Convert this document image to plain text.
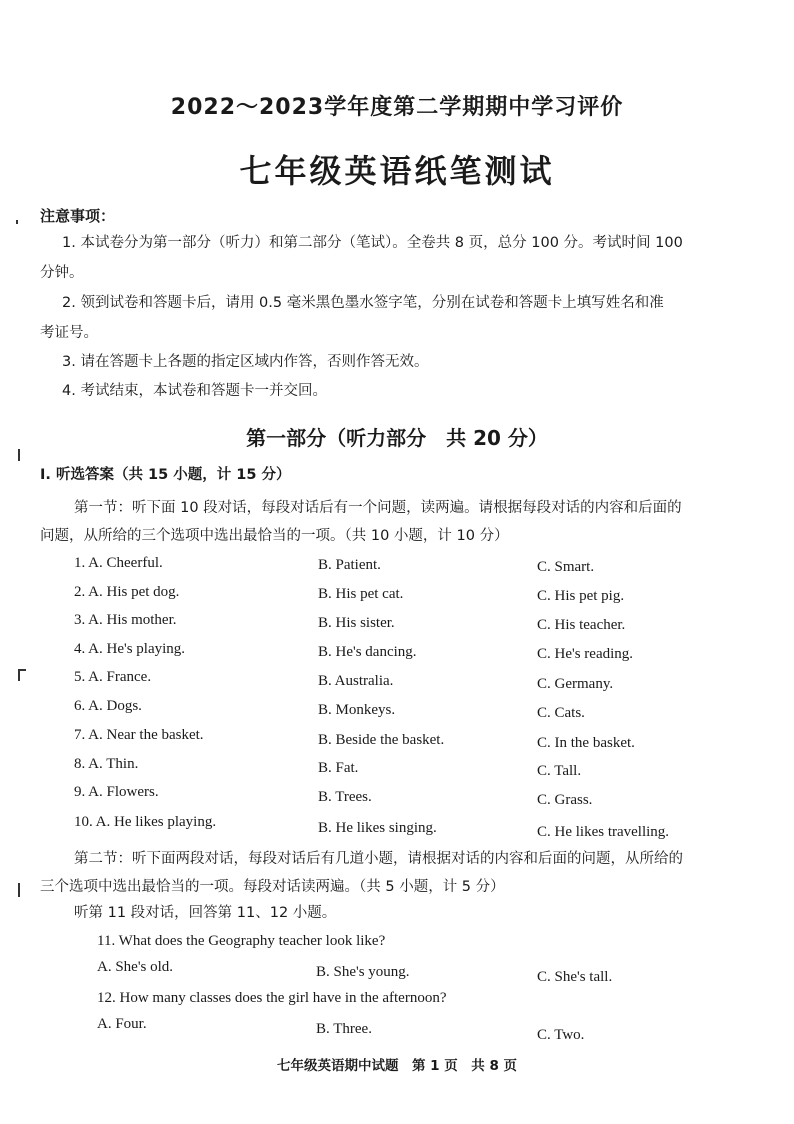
2022～2023学年度第二学期期中学习评价
七年级英语纸笔测试
注意事项：
1. 本试卷分为第一部分（听力）和第二部分（笔试）。全卷共 8 页，总分 100 分。考试时间 100
分钟。
2. 领到试卷和答题卡后，请用 0.5 毫米黑色墨水签字笔，分别在试卷和答题卡上填写姓名和准
考证号。
3. 请在答题卡上各题的指定区域内作答，否则作答无效。
4. 考试结束，本试卷和答题卡一并交回。
第一部分（听力部分　共 20 分）
Ⅰ. 听选答案（共 15 小题，计 15 分）
第一节：听下面 10 段对话，每段对话后有一个问题，读两遍。请根据每段对话的内容和后面的
问题，从所给的三个选项中选出最恰当的一项。（共 10 小题，计 10 分）
1. A. Cheerful.	B. Patient.	C. Smart.
2. A. His pet dog.	B. His pet cat.	C. His pet pig.
3. A. His mother.	B. His sister.	C. His teacher.
4. A. He's playing.	B. He's dancing.	C. He's reading.
5. A. France.	B. Australia.	C. Germany.
6. A. Dogs.	B. Monkeys.	C. Cats.
7. A. Near the basket.	B. Beside the basket.	C. In the basket.
8. A. Thin.	B. Fat.	C. Tall.
9. A. Flowers.	B. Trees.	C. Grass.
10. A. He likes playing.	B. He likes singing.	C. He likes travelling.
第二节：听下面两段对话，每段对话后有几道小题，请根据对话的内容和后面的问题，从所给的
三个选项中选出最恰当的一项。每段对话读两遍。（共 5 小题，计 5 分）
听第 11 段对话，回答第 11、12 小题。
11. What does the Geography teacher look like?
A. She's old.	B. She's young.	C. She's tall.
12. How many classes does the girl have in the afternoon?
A. Four.	B. Three.	C. Two.
七年级英语期中试题　第 1 页　共 8 页
